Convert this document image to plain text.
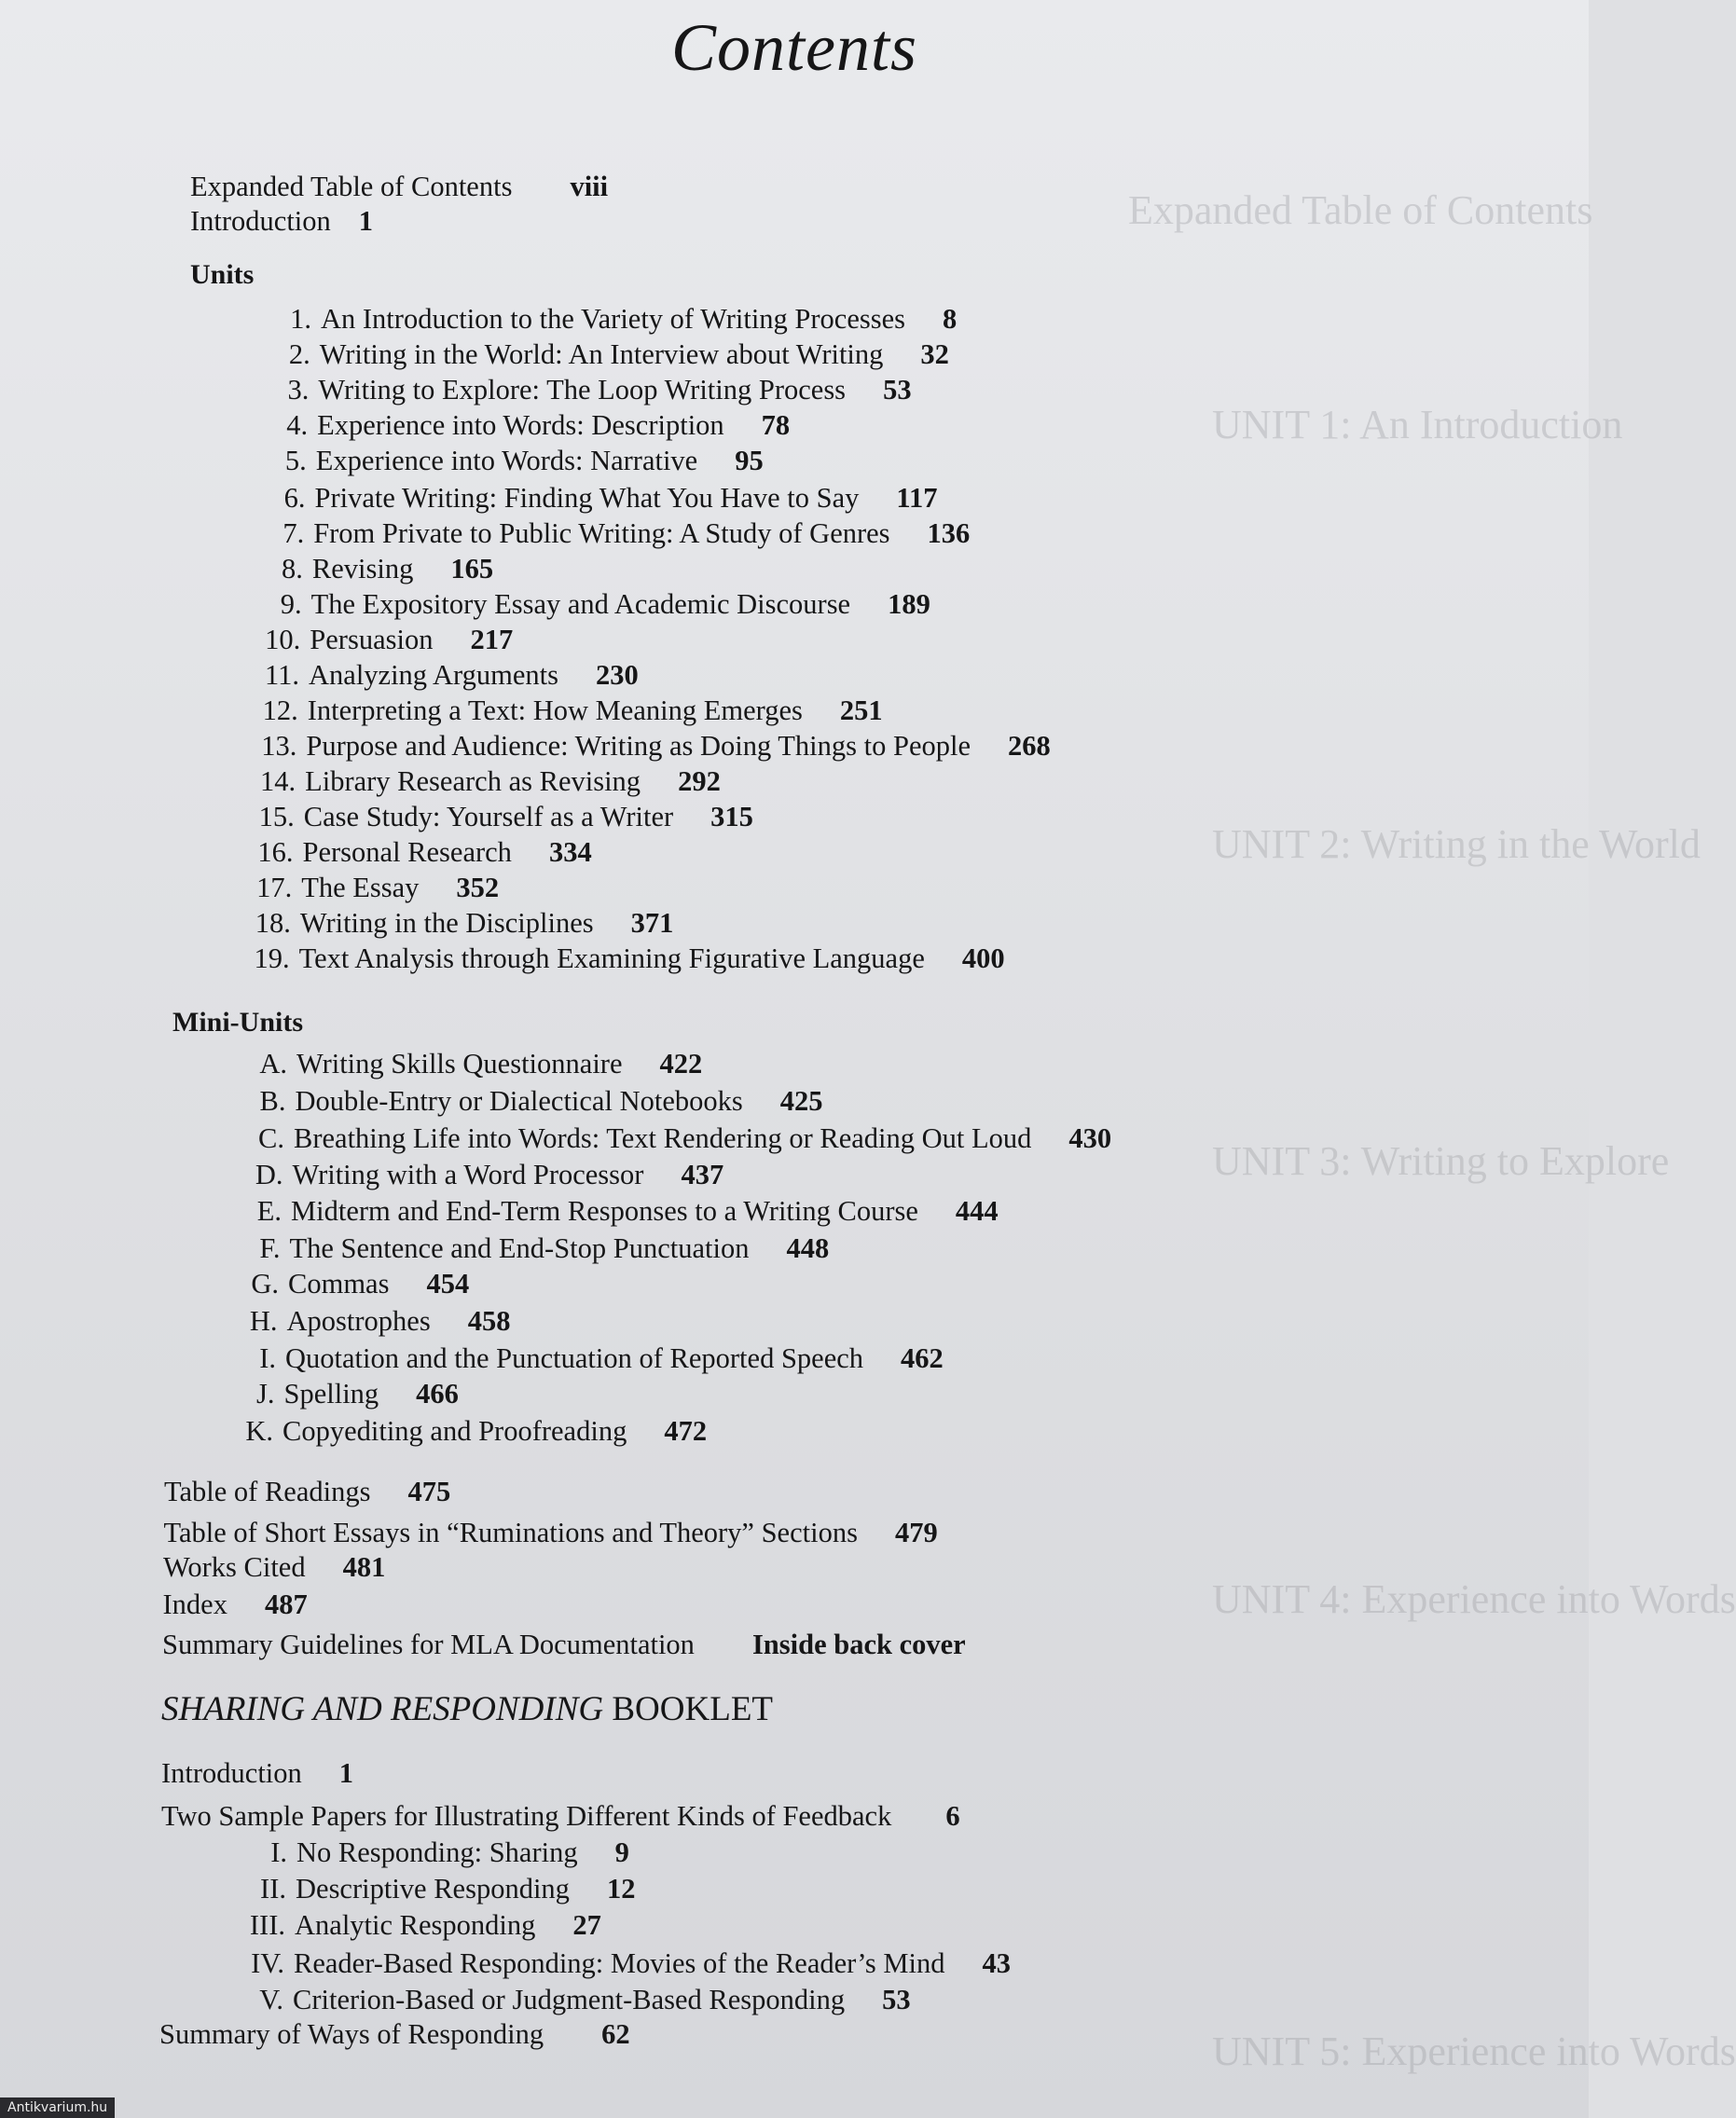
Expanded Table of Contents
UNIT 1: An Introduction
UNIT 2: Writing in the World
UNIT 3: Writing to Explore
UNIT 4: Experience into Words
UNIT 5: Experience into Words
Contents
Expanded Table of Contents viii
Introduction 1
Units
1. An Introduction to the Variety of Writing Processes 8
2. Writing in the World: An Interview about Writing 32
3. Writing to Explore: The Loop Writing Process 53
4. Experience into Words: Description 78
5. Experience into Words: Narrative 95
6. Private Writing: Finding What You Have to Say 117
7. From Private to Public Writing: A Study of Genres 136
8. Revising 165
9. The Expository Essay and Academic Discourse 189
10. Persuasion 217
11. Analyzing Arguments 230
12. Interpreting a Text: How Meaning Emerges 251
13. Purpose and Audience: Writing as Doing Things to People 268
14. Library Research as Revising 292
15. Case Study: Yourself as a Writer 315
16. Personal Research 334
17. The Essay 352
18. Writing in the Disciplines 371
19. Text Analysis through Examining Figurative Language 400
Mini-Units
A. Writing Skills Questionnaire 422
B. Double-Entry or Dialectical Notebooks 425
C. Breathing Life into Words: Text Rendering or Reading Out Loud 430
D. Writing with a Word Processor 437
E. Midterm and End-Term Responses to a Writing Course 444
F. The Sentence and End-Stop Punctuation 448
G. Commas 454
H. Apostrophes 458
I. Quotation and the Punctuation of Reported Speech 462
J. Spelling 466
K. Copyediting and Proofreading 472
Table of Readings 475
Table of Short Essays in “Ruminations and Theory” Sections 479
Works Cited 481
Index 487
Summary Guidelines for MLA Documentation Inside back cover
SHARING AND RESPONDING BOOKLET
Introduction 1
Two Sample Papers for Illustrating Different Kinds of Feedback 6
I. No Responding: Sharing 9
II. Descriptive Responding 12
III. Analytic Responding 27
IV. Reader-Based Responding: Movies of the Reader’s Mind 43
V. Criterion-Based or Judgment-Based Responding 53
Summary of Ways of Responding 62
Antikvarium.hu
